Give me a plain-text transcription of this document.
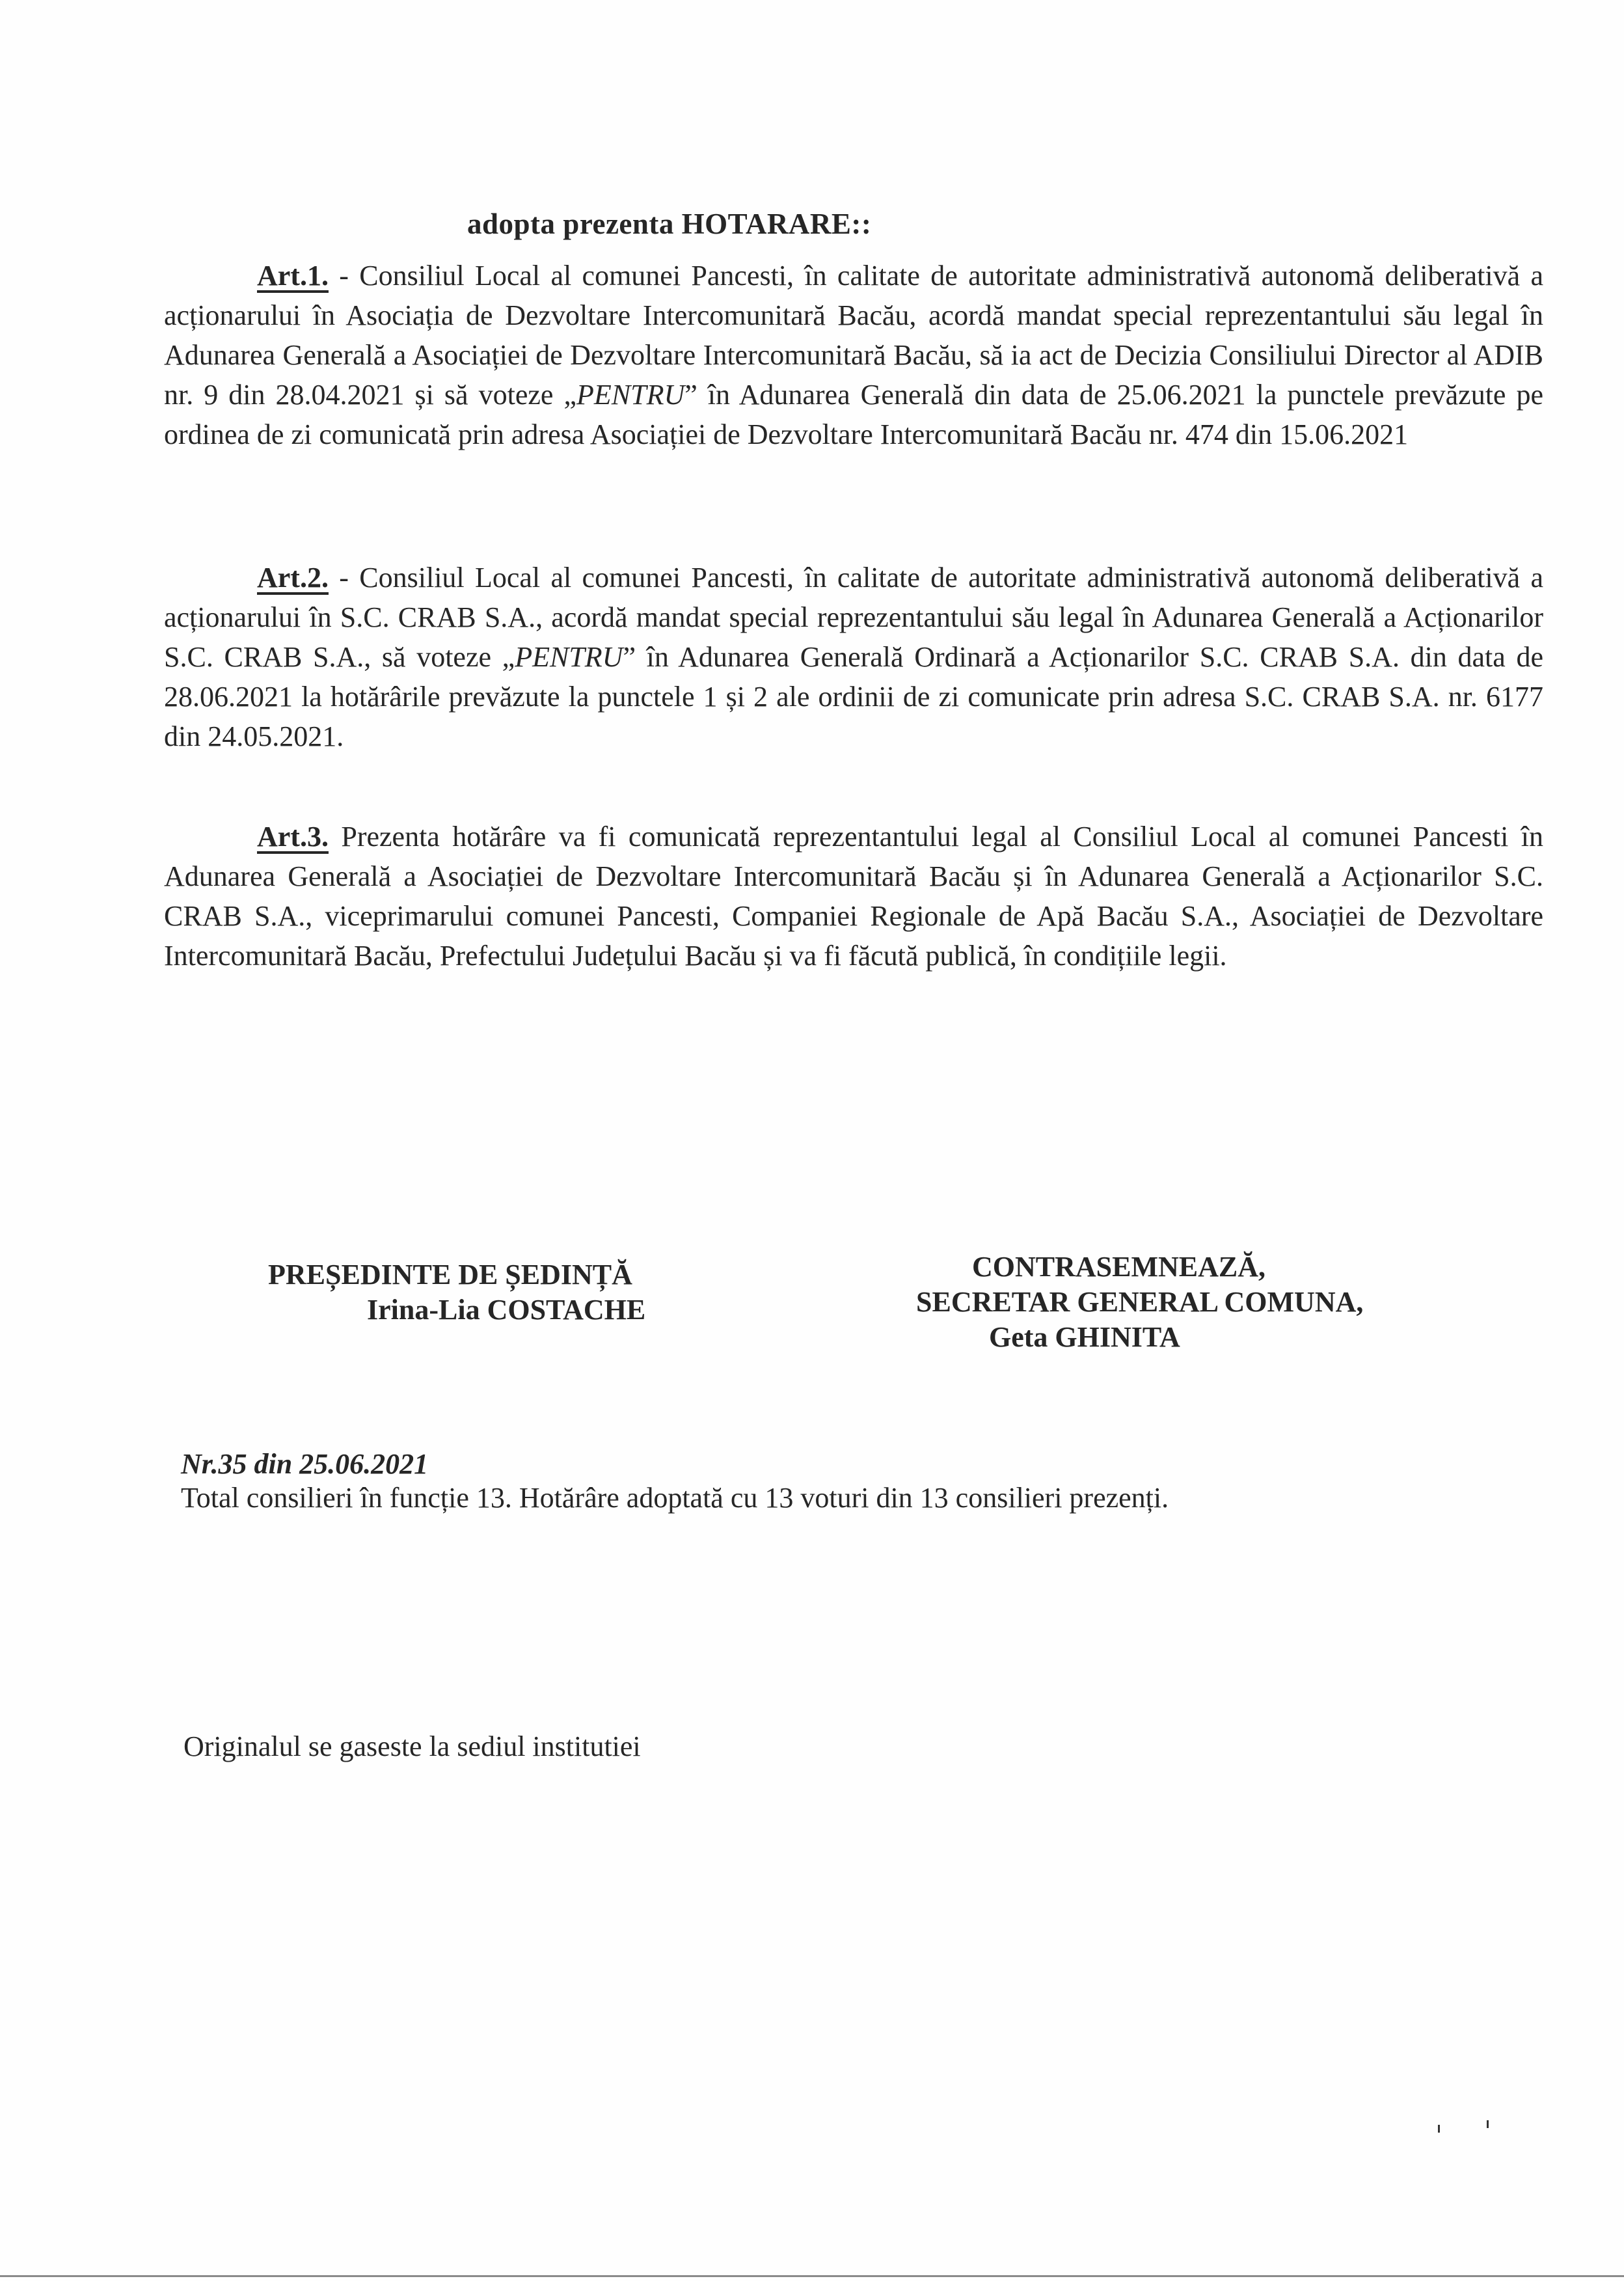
adopta prezenta HOTARARE::
Art.1. - Consiliul Local al comunei Pancesti, în calitate de autoritate administrativă autonomă deliberativă a acționarului în Asociația de Dezvoltare Intercomunitară Bacău, acordă mandat special reprezentantului său legal în Adunarea Generală a Asociației de Dezvoltare Intercomunitară Bacău, să ia act de Decizia Consiliului Director al ADIB nr. 9 din 28.04.2021 și să voteze „PENTRU” în Adunarea Generală din data de 25.06.2021 la punctele prevăzute pe ordinea de zi comunicată prin adresa Asociației de Dezvoltare Intercomunitară Bacău nr. 474 din 15.06.2021
Art.2. - Consiliul Local al comunei Pancesti, în calitate de autoritate administrativă autonomă deliberativă a acționarului în S.C. CRAB S.A., acordă mandat special reprezentantului său legal în Adunarea Generală a Acționarilor S.C. CRAB S.A., să voteze „PENTRU” în Adunarea Generală Ordinară a Acționarilor S.C. CRAB S.A. din data de 28.06.2021 la hotărârile prevăzute la punctele 1 și 2 ale ordinii de zi comunicate prin adresa S.C. CRAB S.A. nr. 6177 din 24.05.2021.
Art.3. Prezenta hotărâre va fi comunicată reprezentantului legal al Consiliul Local al comunei Pancesti în Adunarea Generală a Asociației de Dezvoltare Intercomunitară Bacău și în Adunarea Generală a Acționarilor S.C. CRAB S.A., viceprimarului comunei Pancesti, Companiei Regionale de Apă Bacău S.A., Asociației de Dezvoltare Intercomunitară Bacău, Prefectului Județului Bacău și va fi făcută publică, în condițiile legii.
PREȘEDINTE DE ȘEDINȚĂ
Irina-Lia COSTACHE
CONTRASEMNEAZĂ,
SECRETAR GENERAL COMUNA,
Geta GHINITA
Nr.35 din 25.06.2021
Total consilieri în funcție 13. Hotărâre adoptată cu 13 voturi din 13 consilieri prezenți.
Originalul se gaseste la sediul institutiei
